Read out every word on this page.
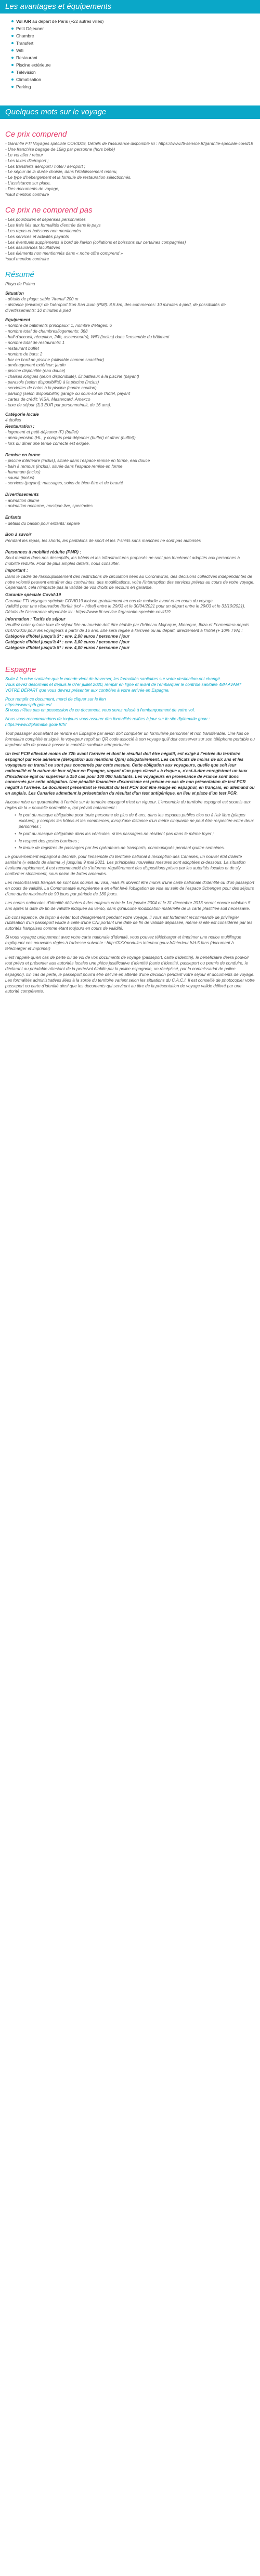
Les avantages et équipements
Vol A/R au départ de Paris (+22 autres villes)
Petit Déjeuner
Chambre
Transfert
Wifi
Restaurant
Piscine extérieure
Télévision
Climatisation
Parking
Quelques mots sur le voyage
Ce prix comprend

- Garantie FTI Voyages spéciale COVID19, Détails de l'assurance disponible ici : https://www.fti-service.fr/garantie-speciale-covid19

- Une franchise bagage de 15kg par personne (hors bébé)

- Le vol aller / retour

- Les taxes d'aéroport ;

- Les transferts aéroport / hôtel / aéroport ;

- Le séjour de la durée choisie, dans l'établissement retenu,

- Le type d'hébergement et la formule de restauration sélectionnés.

- L'assistance sur place,

- Des documents de voyage,

*sauf mention contraire

Ce prix ne comprend pas

- Les pourboires et dépenses personnelles

- Les frais liés aux formalités d'entrée dans le pays

- Les repas et boissons non mentionnés

- Les services et activités payants

- Les éventuels suppléments à bord de l'avion (collations et boissons sur certaines compagnies)

- Les assurances facultatives

- Les éléments non mentionnés dans « notre offre comprend »

*sauf mention contraire

Résumé

Playa de Palma

Situation

- détails de plage: sable 'Arenal' 200 m

- distance (environ): de l'aéroport Son San Juan (PMI): 8,5 km, des commerces: 10 minutes à pied, de possibilités de divertissements: 10 minutes à pied

Equipement

- nombre de bâtiments principaux: 1, nombre d'étages: 6

- nombre total de chambres/logements: 368

- hall d'accueil, réception, 24h, ascenseur(s), WiFi (inclus) dans l'ensemble du bâtiment

- nombre total de restaurants: 1

- restaurant buffet

- nombre de bars: 2

- bar en bord de piscine (utilisable comme snackbar)

- aménagement extérieur: jardin

- piscine disponible (eau douce)

- chaises longues (selon disponibilité). Et batteaux à la piscine (payant)

- parasols (selon disponibilité) à la piscine (inclus)

- serviettes de bains à la piscine (contre caution)

- parking (selon disponibilité) garage ou sous-sol de l'hôtel, payant

- cartes de crédit: VISA, Mastercard, Amexco

- taxe de séjour (3,3 EUR par personne/nuit, de 16 ans).

Catégorie locale

4 étoiles

Restauration :

- logement et petit-déjeuner (F) (buffet)

- demi-pension (HL, y compris petit-déjeuner (buffet) et dîner (buffet))

- lors du dîner une tenue correcte est exigée.

Remise en forme

- piscine intérieure (inclus), située dans l'espace remise en forme, eau douce

- bain à remous (inclus), située dans l'espace remise en forme

- hammam (inclus)

- sauna (inclus)

- services (payant): massages, soins de bien-être et de beauté

Divertissements

- animation diurne

- animation nocturne, musique live, spectacles

Enfants

- détails du bassin pour enfants: séparé

Bon à savoir

Pendant les repas, les shorts, les pantalons de sport et les T-shirts sans manches ne sont pas autorisés

Personnes à mobilité réduite (PMR) :

Seul mention dans nos descriptifs, les hôtels et les infrastructures proposés ne sont pas forcément adaptés aux personnes à mobilité réduite. Pour de plus amples détails, nous consulter.

Important :

Dans le cadre de l'assouplissement des restrictions de circulation liées au Coronavirus, des décisions collectives indépendantes de notre volonté peuvent entraîner des contraintes, des modifications, voire l'interruption des services prévus au cours de votre voyage.

Cependant, cela n'impacte pas la validité de vos droits de recours en garantie.

Garantie spéciale Covid-19

Garantie FTI Voyages spéciale COVID19 incluse gratuitement en cas de maladie avant et en cours du voyage.

Validité pour une réservation (forfait (vol + hôtel) entre le 29/03 et le 30/04/2021 pour un départ entre le 29/03 et le 31/10/2021).

Détails de l'assurance disponible ici : https://www.fti-service.fr/garantie-speciale-covid19

Information : Tarifs de séjour

Veuillez noter qu'une taxe de séjour liée au touriste doit être établie par l'hôtel au Majorque, Minorque, Ibiza et Formentera depuis 01/07/2016 pour les voyageurs à partir de 16 ans. Elle sera réglée à l'arrivée ou au départ, directement à l'hôtel (+ 10% TVA) :

Catégorie d'hôtel jusqu'à 3* : env. 2,00 euros / personne / jour

Catégorie d'hôtel jusqu'à 4* : env. 3,00 euros / personne / jour

Catégorie d'hôtel jusqu'à 5* : env. 4,00 euros / personne / jour

Espagne

Suite à la crise sanitaire que le monde vient de traverser, les formalités sanitaires sur votre destination ont changé.

Vous devez désormais et depuis le 07er juillet 2020, remplir en ligne et avant de l'embarquer le contrôle sanitaire 48H AVANT VOTRE DÉPART que vous devrez présenter aux contrôles à votre arrivée en Espagne.

Pour remplir ce document, merci de cliquer sur le lien

https://www.spth.gob.es/

Si vous n'êtes pas en possession de ce document, vous serez refusé à l'embarquement de votre vol.

Nous vous recommandons de toujours vous assurer des formalités reliées à jour sur le site diplomatie.gouv : https://www.diplomatie.gouv.fr/fr/

Tout passager souhaitant se rendre en Espagne par avion doit compléter un formulaire personnel et non transférable. Une fois ce formulaire complété et signé, le voyageur reçoit un QR code associé à son voyage qu'il doit conserver sur son téléphone portable ou imprimer afin de pouvoir passer le contrôle sanitaire aéroportuaire.

Un test PCR effectué moins de 72h avant l'arrivée et dont le résultat doit être négatif, est exigé à l'entrée du territoire espagnol par voie aérienne (dérogation aux mentions Qpm) obligatoirement. Les certificats de moins de six ans et les voyageurs en transit ne sont pas concernés par cette mesure. Cette obligation aux voyageurs, quelle que soit leur nationalité et la nature de leur séjour en Espagne, voyant d'un pays classé « à risque », c'est-à-dire enregistrant un taux d'incidence égal ou supérieur à 150 cas pour 100 000 habitants. Les voyageurs en provenance de France sont donc concernés par cette obligation. Une pénalité financière d'exorcisme est prévue en cas de non présentation de test PCR négatif à l'arrivée. Le document présentant le résultat du test PCR doit être rédigé en espagnol, en français, en allemand ou en anglais. Les Canaries admettent la présentation du résultat d'un test antigénique, en lieu et place d'un test PCR.

Aucune mise en quarantaine à l'entrée sur le territoire espagnol n'est en vigueur. L'ensemble du territoire espagnol est soumis aux règles de la « nouvelle normalité », qui prévoit notamment :

• le port du masque obligatoire pour toute personne de plus de 6 ans, dans les espaces publics clos ou à l'air libre (plages exclues), y compris les hôtels et les commerces, lorsqu'une distance d'un mètre cinquante ne peut être respectée entre deux personnes ;
• le port du masque obligatoire dans les véhicules, si les passagers ne résident pas dans le même foyer ;
• le respect des gestes barrières ;
• le tenue de registres de passagers par les opérateurs de transports, communiqués pendant quatre semaines.

Le gouvernement espagnol a décrété, pour l'ensemble du territoire national à l'exception des Canaries, un nouvel état d'alerte sanitaire (« estado de alarma ») jusqu'au 9 mai 2021. Les principales nouvelles mesures sont adoptées ci-dessous. La situation évoluant rapidement, il est recommandé de s'informer régulièrement des dispositions prises par les autorités locales et de s'y conformer strictement, sous peine de fortes amendes.

Les ressortissants français ne sont pas soumis au visa, mais ils doivent être munis d'une carte nationale d'identité ou d'un passeport en cours de validité. La Communauté européenne a en effet levé l'obligation de visa au sein de l'espace Schengen pour des séjours d'une durée maximale de 90 jours par période de 180 jours.

Les cartes nationales d'identité délivrées à des majeurs entre le 1er janvier 2004 et le 31 décembre 2013 seront encore valables 5 ans après la date de fin de validité indiquée au verso, sans qu'aucune modification matérielle de la carte plastifiée soit nécessaire.

En conséquence, de façon à éviter tout désagrément pendant votre voyage, il vous est fortement recommandé de privilégier l'utilisation d'un passeport valide à celle d'une CNI portant une date de fin de validité dépassée, même si elle est considérée par les autorités françaises comme étant toujours en cours de validité.

Si vous voyagez uniquement avec votre carte nationale d'identité, vous pouvez télécharger et imprimer une notice multilingue expliquant ces nouvelles règles à l'adresse suivante : http://XXXmodules.interieur.gouv.fr/interieur.fr/d-5.fans (document à télécharger et imprimer)

Il est rappelé qu'en cas de perte ou de vol de vos documents de voyage (passeport, carte d'identité), le bénéficiaire devra pouvoir tout prévu et présenter aux autorités locales une pièce justificative d'identité (carte d'identité, passeport ou permis de conduire, le déclarant au préalable attestant de la perte/vol établie par la police espagnole, un récépissé, par la commissariat de police espagnol). En cas de perte, le passeport pourra être délivré en attente d'une décision pendant votre séjour et documents de voyage. Les formalités administratives liées à la sortie du territoire varient selon les situations du C.A.C.I. Il est conseillé de photocopier votre passeport ou carte d'identité ainsi que les documents qui serviront au titre de la présentation de voyage valide délivré par une autorité compétente.
